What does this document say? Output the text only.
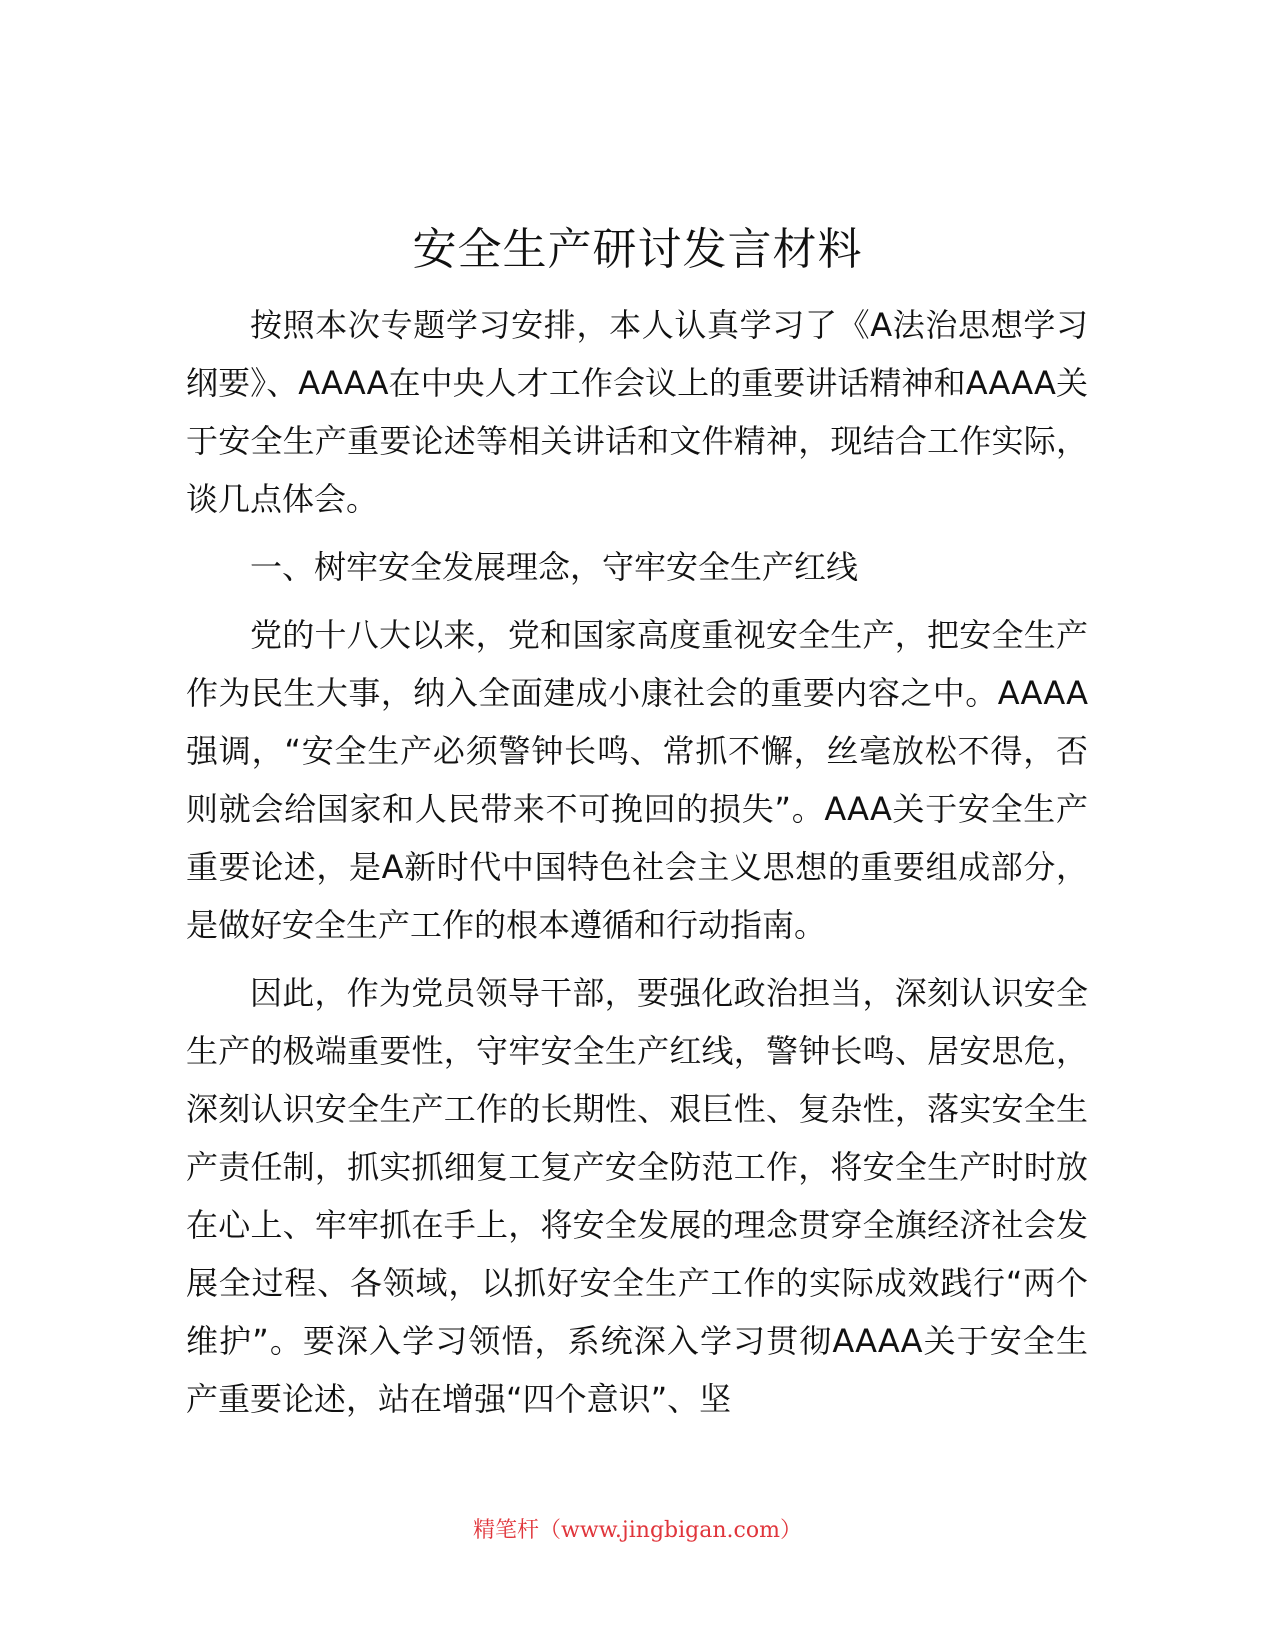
安全生产研讨发言材料

按照本次专题学习安排，本人认真学习了《A法治思想学习纲要》、AAAA在中央人才工作会议上的重要讲话精神和AAAA关于安全生产重要论述等相关讲话和文件精神，现结合工作实际，谈几点体会。

一、树牢安全发展理念，守牢安全生产红线

党的十八大以来，党和国家高度重视安全生产，把安全生产作为民生大事，纳入全面建成小康社会的重要内容之中。AAAA强调，“安全生产必须警钟长鸣、常抓不懈，丝毫放松不得，否则就会给国家和人民带来不可挽回的损失”。AAA关于安全生产重要论述，是A新时代中国特色社会主义思想的重要组成部分，是做好安全生产工作的根本遵循和行动指南。

因此，作为党员领导干部，要强化政治担当，深刻认识安全生产的极端重要性，守牢安全生产红线，警钟长鸣、居安思危，深刻认识安全生产工作的长期性、艰巨性、复杂性，落实安全生产责任制，抓实抓细复工复产安全防范工作，将安全生产时时放在心上、牢牢抓在手上，将安全发展的理念贯穿全旗经济社会发展全过程、各领域，以抓好安全生产工作的实际成效践行“两个维护”。要深入学习领悟，系统深入学习贯彻AAAA关于安全生产重要论述，站在增强“四个意识”、坚

精笔杆（www.jingbigan.com）
